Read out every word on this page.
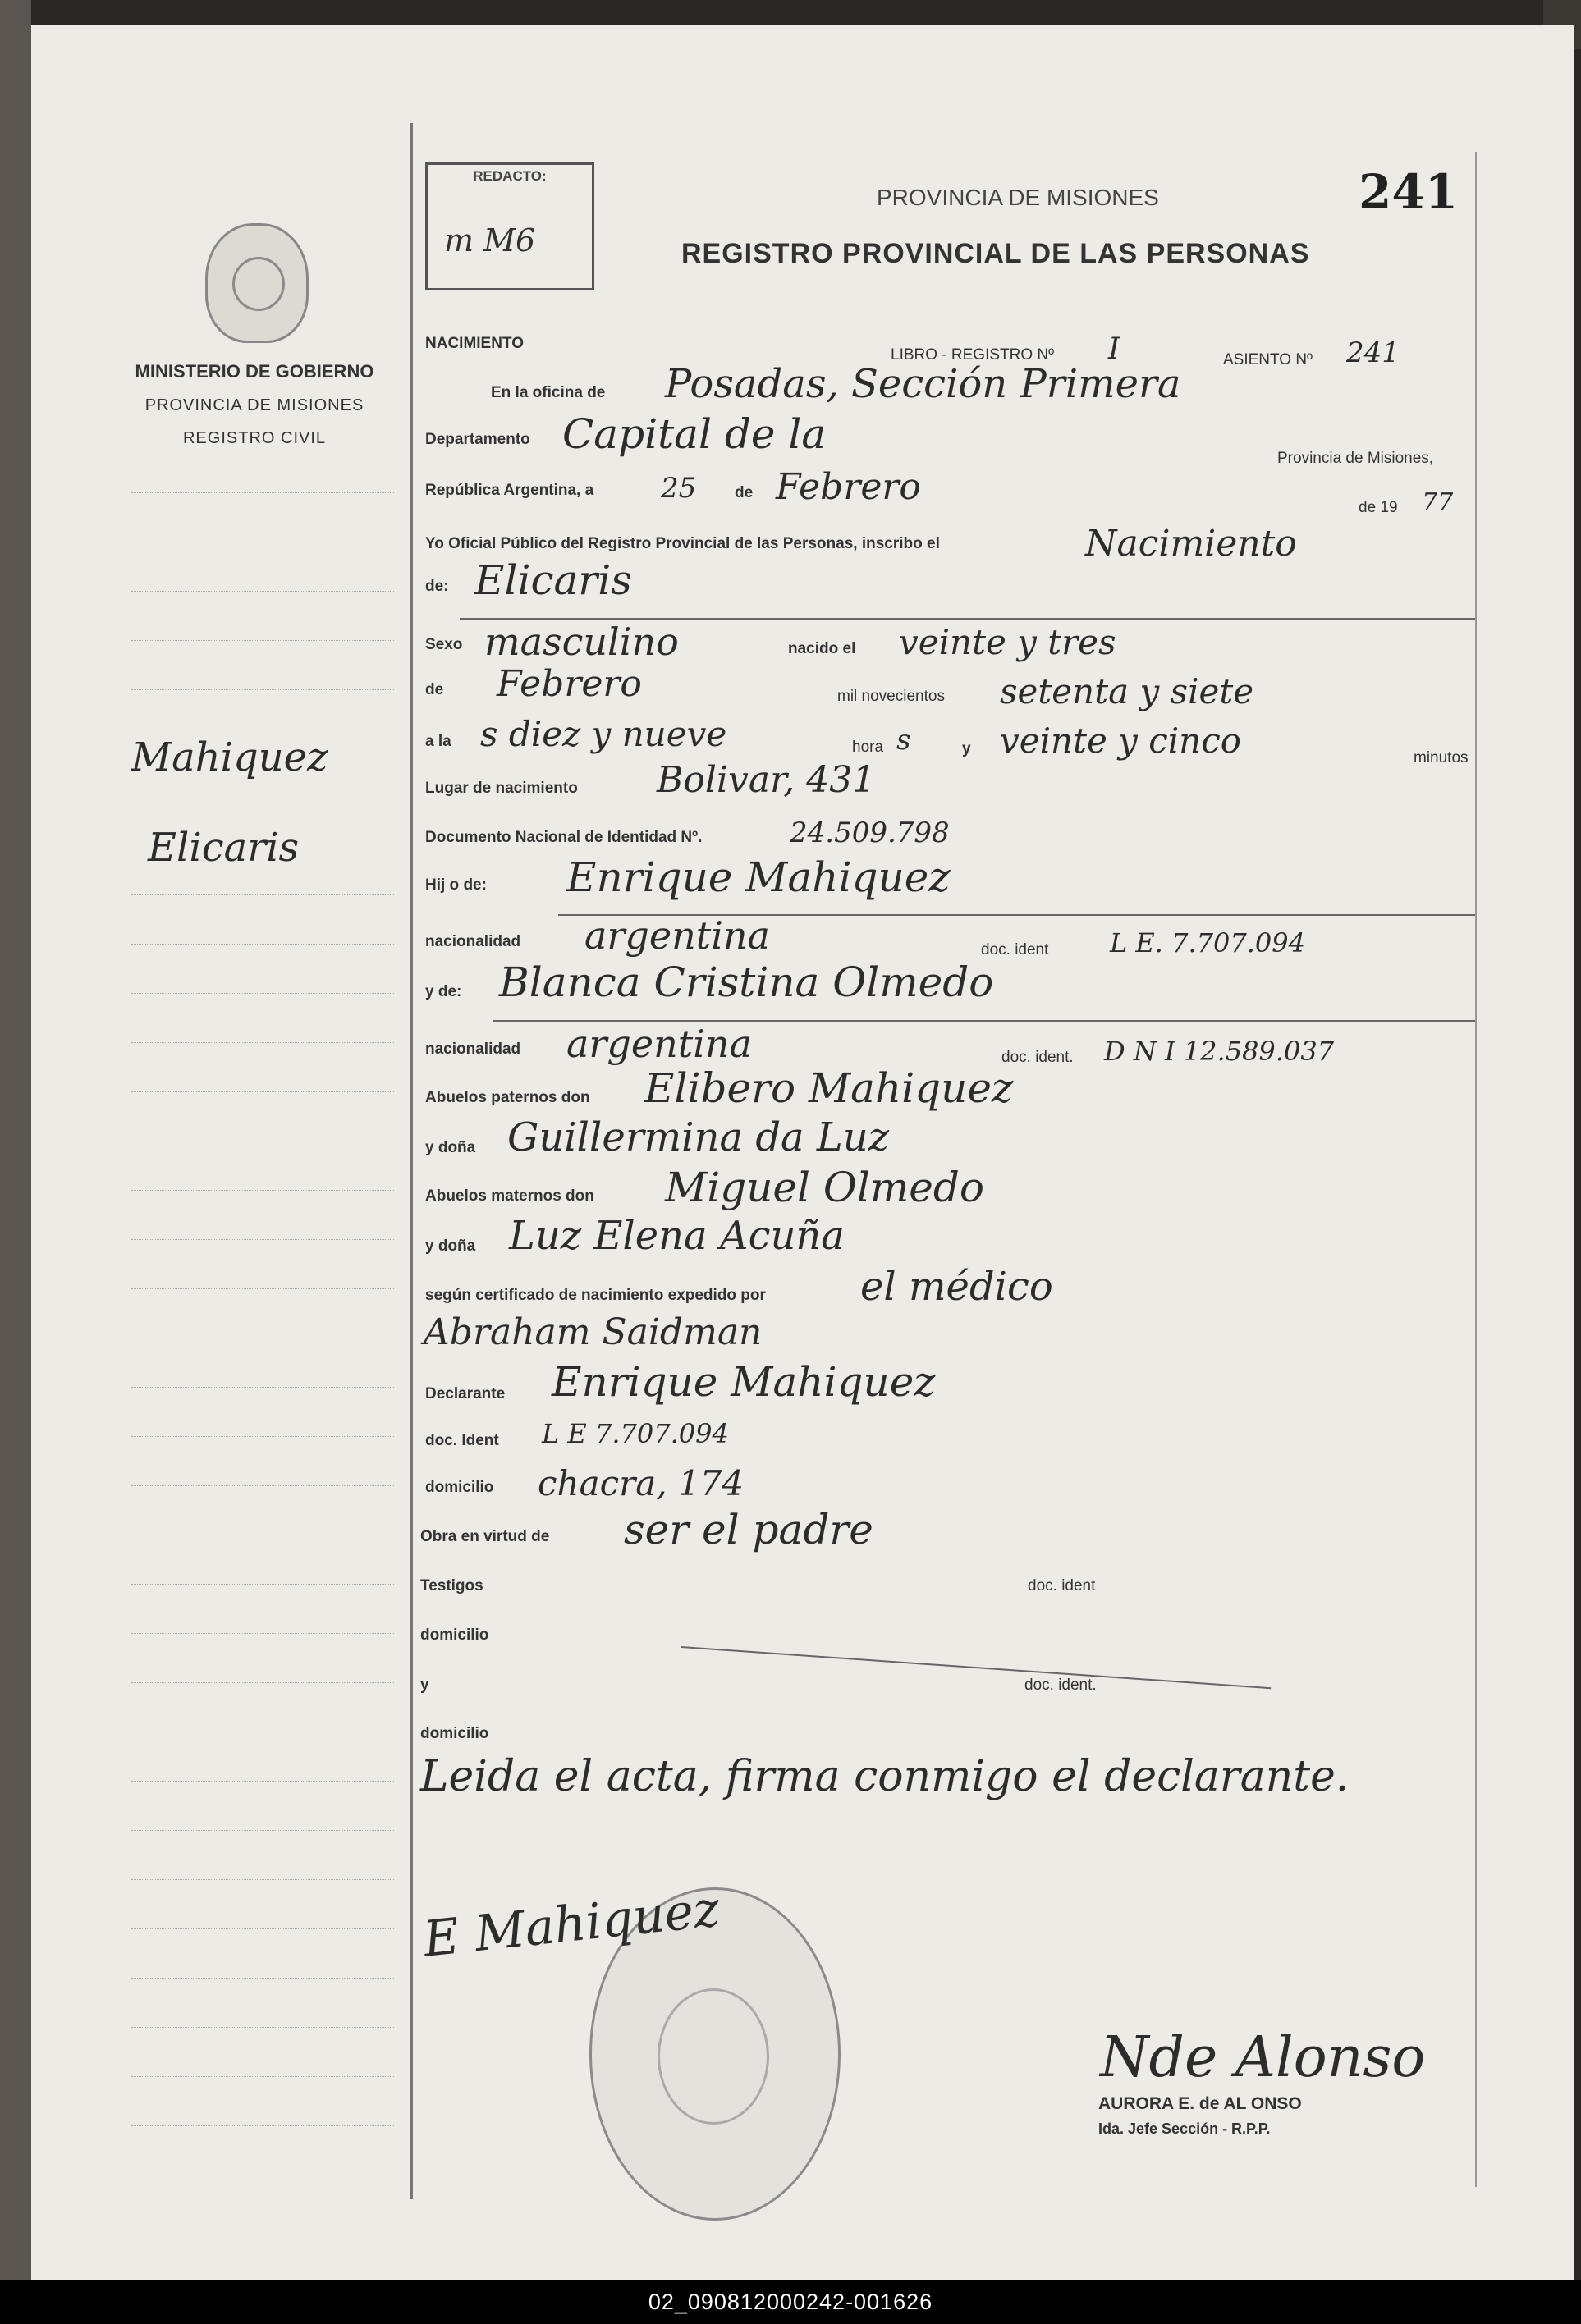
MINISTERIO DE GOBIERNO
PROVINCIA DE MISIONES
REGISTRO CIVIL
Mahiquez
Elicaris
REDACTO:
m M6
PROVINCIA DE MISIONES
REGISTRO PROVINCIAL DE LAS PERSONAS
241
NACIMIENTO
LIBRO - REGISTRO Nº I	ASIENTO Nº 241
En la oficina de Posadas, Sección Primera
Departamento Capital de la
Provincia de Misiones,
República Argentina, a 25 de Febrero	de 19 77
Yo Oficial Público del Registro Provincial de las Personas, inscribo el	Nacimiento
de: Elicaris
Sexo masculino	nacido el veinte y tres
de Febrero	mil novecientos setenta y siete
a la s diez y nueve	hora s	y veinte y cinco	minutos
Lugar de nacimiento Bolivar, 431
Documento Nacional de Identidad Nº.	24.509.798
Hij o de: Enrique Mahiquez
nacionalidad argentina	doc. ident L E. 7.707.094
y de: Blanca Cristina Olmedo
nacionalidad argentina	doc. ident. D N I 12.589.037
Abuelos paternos don Elibero Mahiquez
y doña Guillermina da Luz
Abuelos maternos don Miguel Olmedo
y doña Luz Elena Acuña
según certificado de nacimiento expedido por el médico
Abraham Saidman
Declarante Enrique Mahiquez
doc. Ident L E 7.707.094
domicilio chacra, 174
Obra en virtud de ser el padre
Testigos	doc. ident
domicilio
y	doc. ident.
domicilio
Leida el acta, firma conmigo el declarante.
E Mahiquez
Nde Alonso
AURORA E. de AL ONSO
Ida. Jefe Sección - R.P.P.
02_090812000242-001626
